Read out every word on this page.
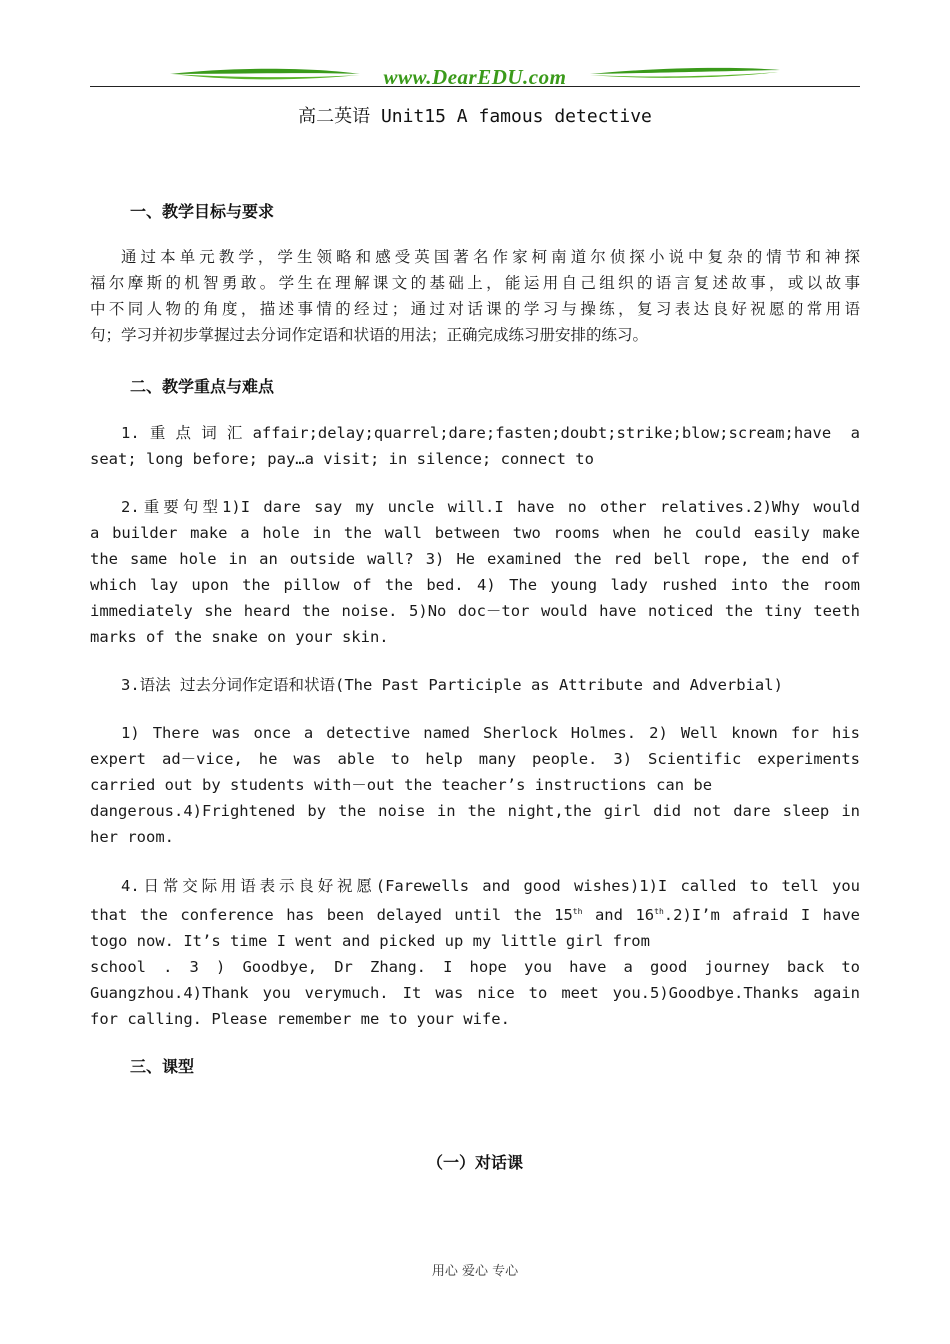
www.DearEDU.com
高二英语 Unit15 A famous detective
一、教学目标与要求
通过本单元教学，学生领略和感受英国著名作家柯南道尔侦探小说中复杂的情节和神探
福尔摩斯的机智勇敢。学生在理解课文的基础上，能运用自己组织的语言复述故事，或以故事
中不同人物的角度，描述事情的经过；通过对话课的学习与操练，复习表达良好祝愿的常用语
句；学习并初步掌握过去分词作定语和状语的用法；正确完成练习册安排的练习。
二、教学重点与难点
1.重点词汇affair;delay;quarrel;dare;fasten;doubt;strike;blow;scream;have a
seat; long before; pay…a visit; in silence; connect to
2.重要句型1)I dare say my uncle will.I have no other relatives.2)Why would
a builder make a hole in the wall between two rooms when he could easily make
the same hole in an outside wall? 3) He examined the red bell rope, the end of
which lay upon the pillow of the bed. 4) The young lady rushed into the room
immediately she heard the noise. 5)No doc－tor would have noticed the tiny teeth
marks of the snake on your skin.
3.语法 过去分词作定语和状语(The Past Participle as Attribute and Adverbial)
1) There was once a detective named Sherlock Holmes. 2) Well known for his
expert ad－vice, he was able to help many people. 3) Scientific experiments
carried out by students with－out the teacher’s instructions can be
dangerous.4)Frightened by the noise in the night,the girl did not dare sleep in
her room.
4.日常交际用语表示良好祝愿(Farewells and good wishes)1)I called to tell you
that the conference has been delayed until the 15th and 16th.2)I’m afraid I have
togo now. It’s time I went and picked up my little girl from
school . 3 ) Goodbye, Dr Zhang. I hope you have a good journey back to
Guangzhou.4)Thank you verymuch. It was nice to meet you.5)Goodbye.Thanks again
for calling. Please remember me to your wife.
三、课型
（一）对话课
用心 爱心 专心
